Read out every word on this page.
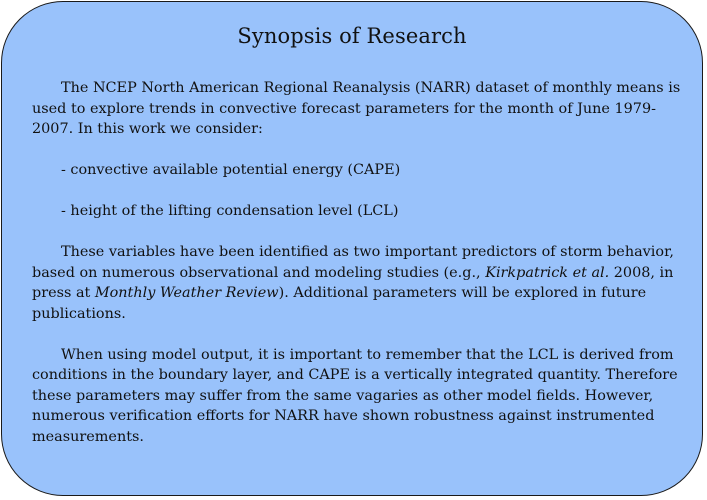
Synopsis of Research

The NCEP North American Regional Reanalysis (NARR) dataset of monthly means is used to explore trends in convective forecast parameters for the month of June 1979-2007. In this work we consider:

- convective available potential energy (CAPE)

- height of the lifting condensation level (LCL)

These variables have been identified as two important predictors of storm behavior, based on numerous observational and modeling studies (e.g., Kirkpatrick et al. 2008, in press at Monthly Weather Review). Additional parameters will be explored in future publications.

When using model output, it is important to remember that the LCL is derived from conditions in the boundary layer, and CAPE is a vertically integrated quantity. Therefore these parameters may suffer from the same vagaries as other model fields. However, numerous verification efforts for NARR have shown robustness against instrumented measurements.
